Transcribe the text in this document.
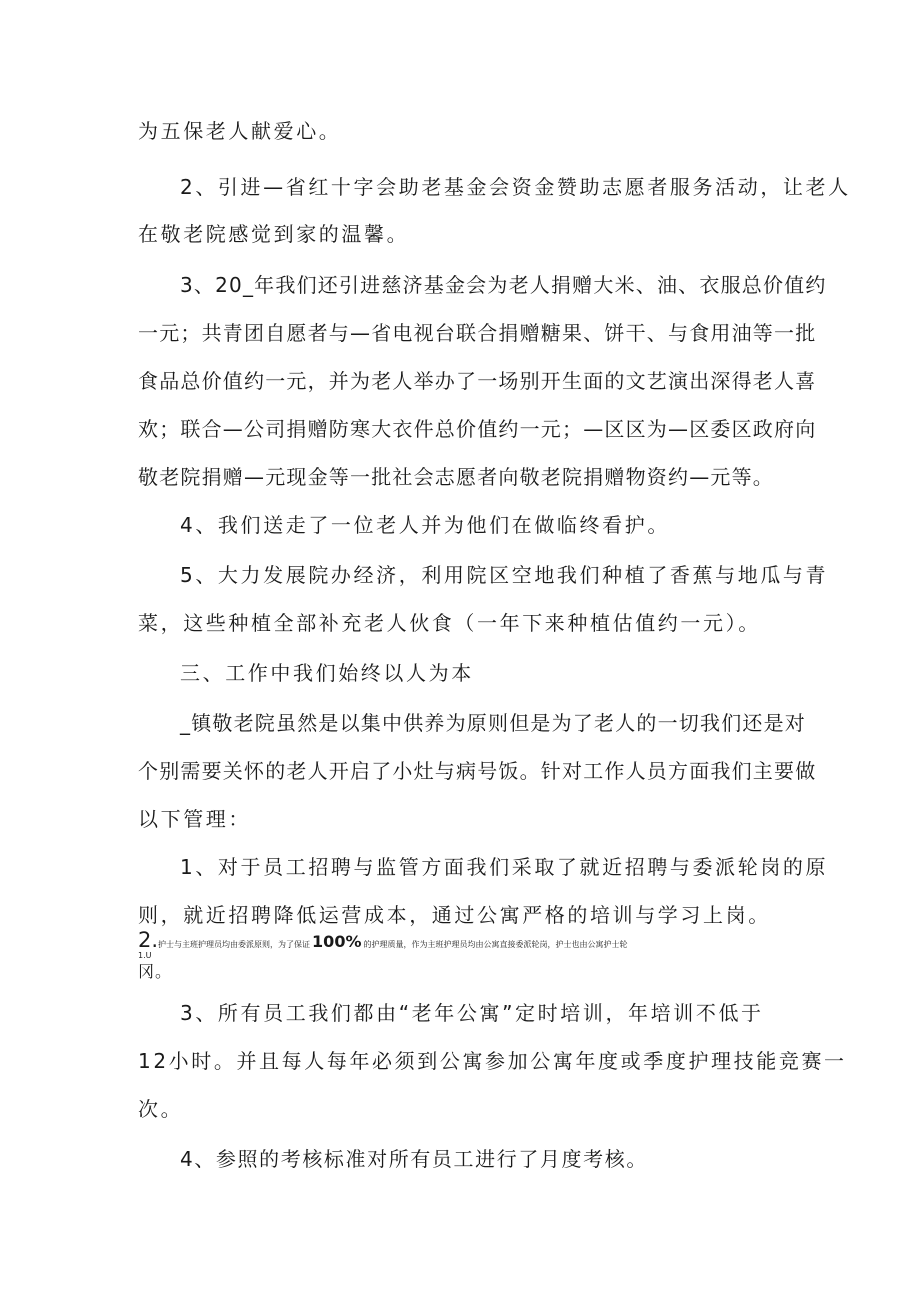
为五保老人献爱心。
2、引进—省红十字会助老基金会资金赞助志愿者服务活动，让老人
在敬老院感觉到家的温馨。
3、20_年我们还引进慈济基金会为老人捐赠大米、油、衣服总价值约
一元；共青团自愿者与—省电视台联合捐赠糖果、饼干、与食用油等一批
食品总价值约一元，并为老人举办了一场别开生面的文艺演出深得老人喜
欢；联合—公司捐赠防寒大衣件总价值约一元；—区区为—区委区政府向
敬老院捐赠—元现金等一批社会志愿者向敬老院捐赠物资约—元等。
4、我们送走了一位老人并为他们在做临终看护。
5、大力发展院办经济，利用院区空地我们种植了香蕉与地瓜与青
菜，这些种植全部补充老人伙食（一年下来种植估值约一元）。
三、工作中我们始终以人为本
_镇敬老院虽然是以集中供养为原则但是为了老人的一切我们还是对
个别需要关怀的老人开启了小灶与病号饭。针对工作人员方面我们主要做
以下管理：
1、对于员工招聘与监管方面我们采取了就近招聘与委派轮岗的原
则，就近招聘降低运营成本，通过公寓严格的培训与学习上岗。
2. 护士与主班护理员均由委派原则，为了保证 100% 的护理质量，作为主班护理员均由公寓直接委派轮岗，护士也由公寓护士轮
1.U
冈。
3、所有员工我们都由“老年公寓”定时培训，年培训不低于
12小时。并且每人每年必须到公寓参加公寓年度或季度护理技能竞赛一
次。
4、参照的考核标准对所有员工进行了月度考核。
